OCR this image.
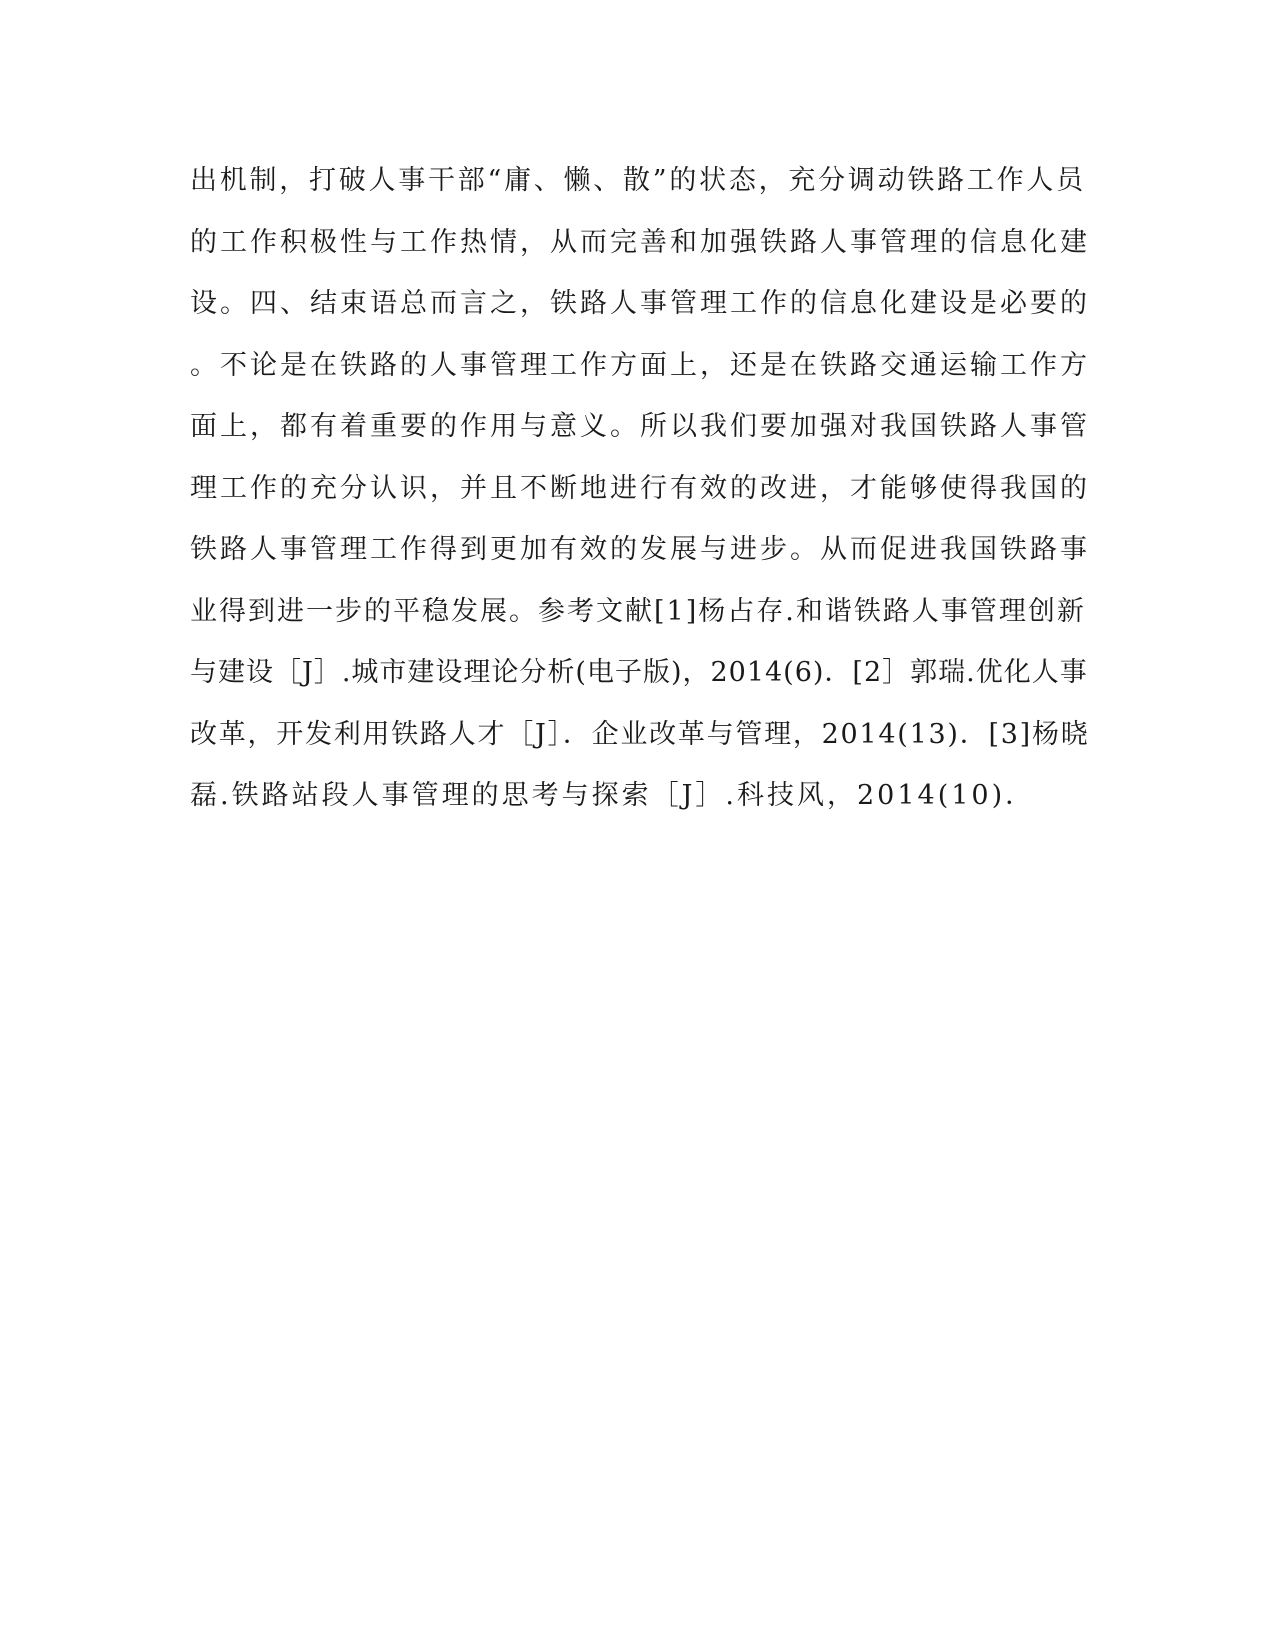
出机制，打破人事干部“庸、懒、散”的状态，充分调动铁路工作人员
的工作积极性与工作热情，从而完善和加强铁路人事管理的信息化建
设。四、结束语总而言之，铁路人事管理工作的信息化建设是必要的
。不论是在铁路的人事管理工作方面上，还是在铁路交通运输工作方
面上，都有着重要的作用与意义。所以我们要加强对我国铁路人事管
理工作的充分认识，并且不断地进行有效的改进，才能够使得我国的
铁路人事管理工作得到更加有效的发展与进步。从而促进我国铁路事
业得到进一步的平稳发展。参考文献[1]杨占存.和谐铁路人事管理创新
与建设［J］.城市建设理论分析(电子版)，2014(6)．[2］郭瑞.优化人事
改革，开发利用铁路人才［J］．企业改革与管理，2014(13)．[3]杨晓
磊.铁路站段人事管理的思考与探索［J］.科技风，2014(10)．
